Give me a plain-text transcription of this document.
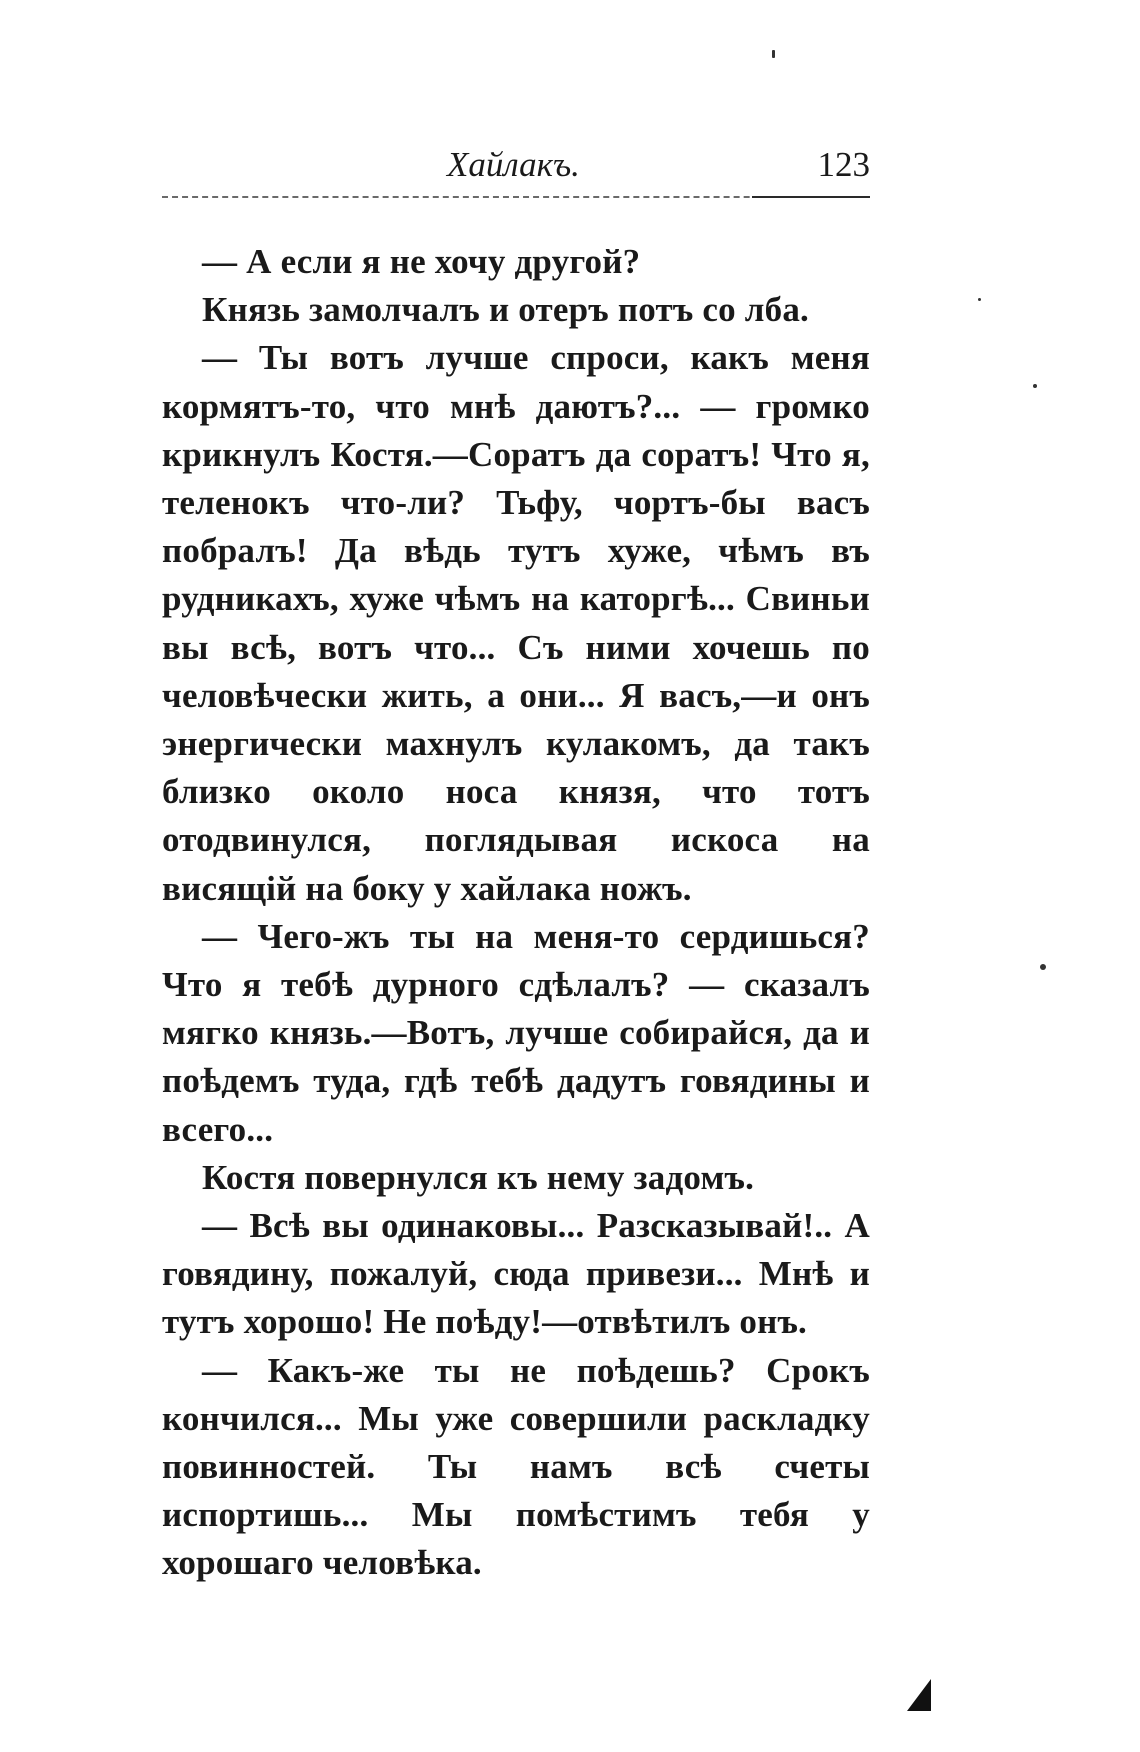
Хайлакъ.	123

— А если я не хочу другой?

Князь замолчалъ и отеръ потъ со лба.

— Ты вотъ лучше спроси, какъ меня кормятъ-то, что мнѣ даютъ?... — громко крикнулъ Костя.—Соратъ да соратъ! Что я, теленокъ что-ли? Тьфу, чортъ-бы васъ побралъ! Да вѣдь тутъ хуже, чѣмъ въ рудникахъ, хуже чѣмъ на каторгѣ... Свиньи вы всѣ, вотъ что... Съ ними хочешь по человѣчески жить, а они... Я васъ,—и онъ энергически махнулъ кулакомъ, да такъ близко около носа князя, что тотъ отодвинулся, поглядывая искоса на висящій на боку у хайлака ножъ.

— Чего-жъ ты на меня-то сердишься? Что я тебѣ дурного сдѣлалъ? — сказалъ мягко князь.—Вотъ, лучше собирайся, да и поѣдемъ туда, гдѣ тебѣ дадутъ говядины и всего...

Костя повернулся къ нему задомъ.

— Всѣ вы одинаковы... Разсказывай!.. А говядину, пожалуй, сюда привези... Мнѣ и тутъ хорошо! Не поѣду!—отвѣтилъ онъ.

— Какъ-же ты не поѣдешь? Срокъ кончился... Мы уже совершили раскладку повинностей. Ты намъ всѣ счеты испортишь... Мы помѣстимъ тебя у хорошаго человѣка.
